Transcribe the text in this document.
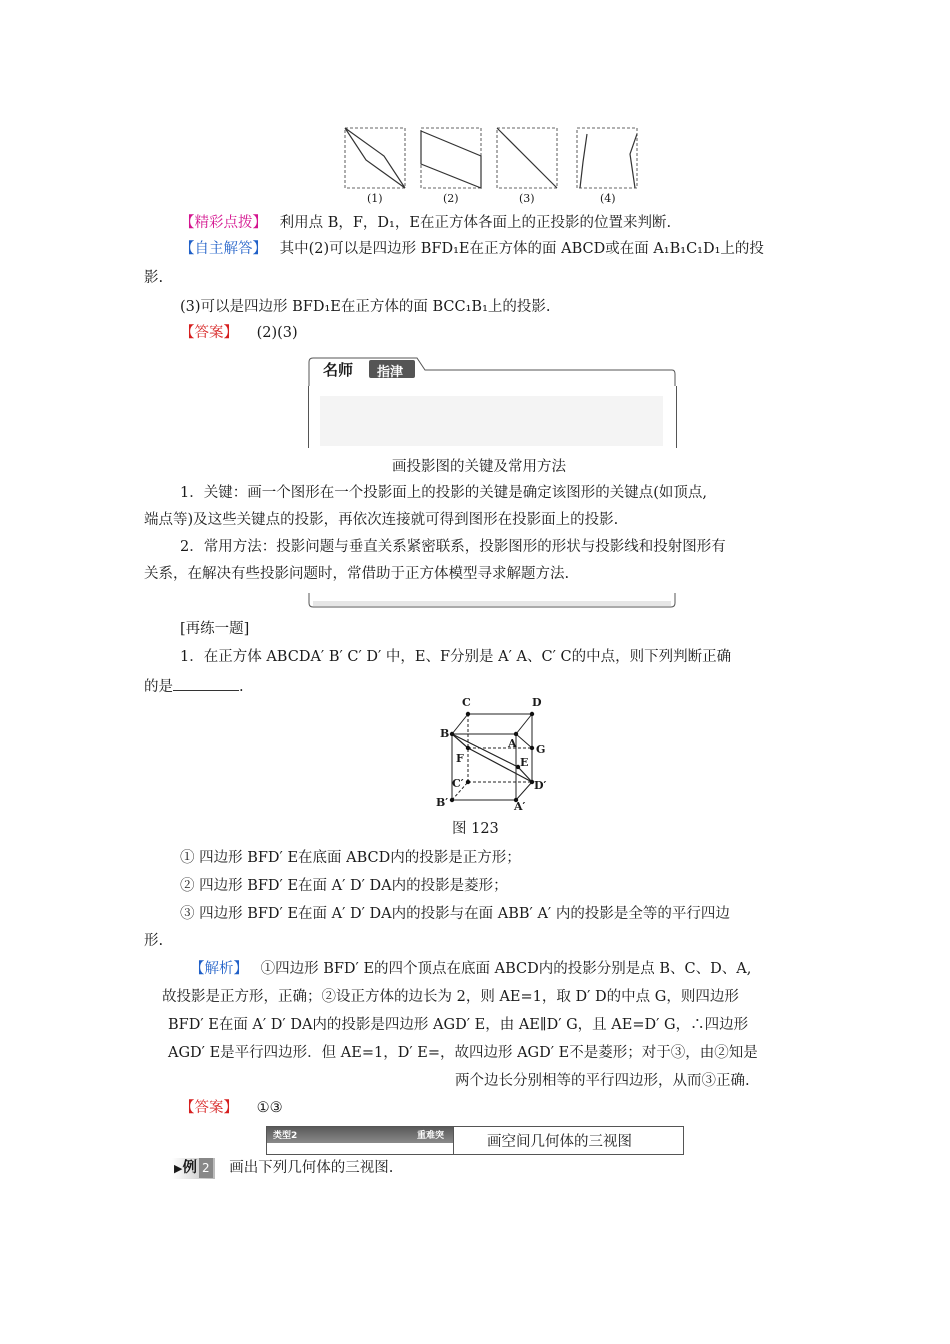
(1)	(2)	(3)	(4)
【精彩点拨】 利用点 B，F，D₁，E在正方体各面上的正投影的位置来判断.
【自主解答】 其中(2)可以是四边形 BFD₁E在正方体的面 ABCD或在面 A₁B₁C₁D₁上的投
影.
(3)可以是四边形 BFD₁E在正方体的面 BCC₁B₁上的投影.
【答案】 (2)(3)
名师 指津
画投影图的关键及常用方法
1．关键：画一个图形在一个投影面上的投影的关键是确定该图形的关键点(如顶点,
端点等)及这些关键点的投影，再依次连接就可得到图形在投影面上的投影.
2．常用方法：投影问题与垂直关系紧密联系，投影图形的形状与投影线和投射图形有
关系，在解决有些投影问题时，常借助于正方体模型寻求解题方法.
[再练一题]
1．在正方体 ABCDA′ B′ C′ D′ 中，E、F分别是 A′ A、C′ C的中点，则下列判断正确
的是	.
C	D
B
A G
F	E
C′	D′
B′	A′
图 123
① 四边形 BFD′ E在底面 ABCD内的投影是正方形；
② 四边形 BFD′ E在面 A′ D′ DA内的投影是菱形；
③ 四边形 BFD′ E在面 A′ D′ DA内的投影与在面 ABB′ A′ 内的投影是全等的平行四边
形.
【解析】 ①四边形 BFD′ E的四个顶点在底面 ABCD内的投影分别是点 B、C、D、A,
故投影是正方形，正确；②设正方体的边长为 2，则 AE=1，取 D′ D的中点 G，则四边形
BFD′ E在面 A′ D′ DA内的投影是四边形 AGD′ E，由 AE∥D′ G，且 AE=D′ G，∴四边形
AGD′ E是平行四边形．但 AE=1，D′ E=，故四边形 AGD′ E不是菱形；对于③，由②知是
两个边长分别相等的平行四边形，从而③正确.
【答案】 ①③
类型2	重难突	画空间几何体的三视图
▶例 2 画出下列几何体的三视图.
